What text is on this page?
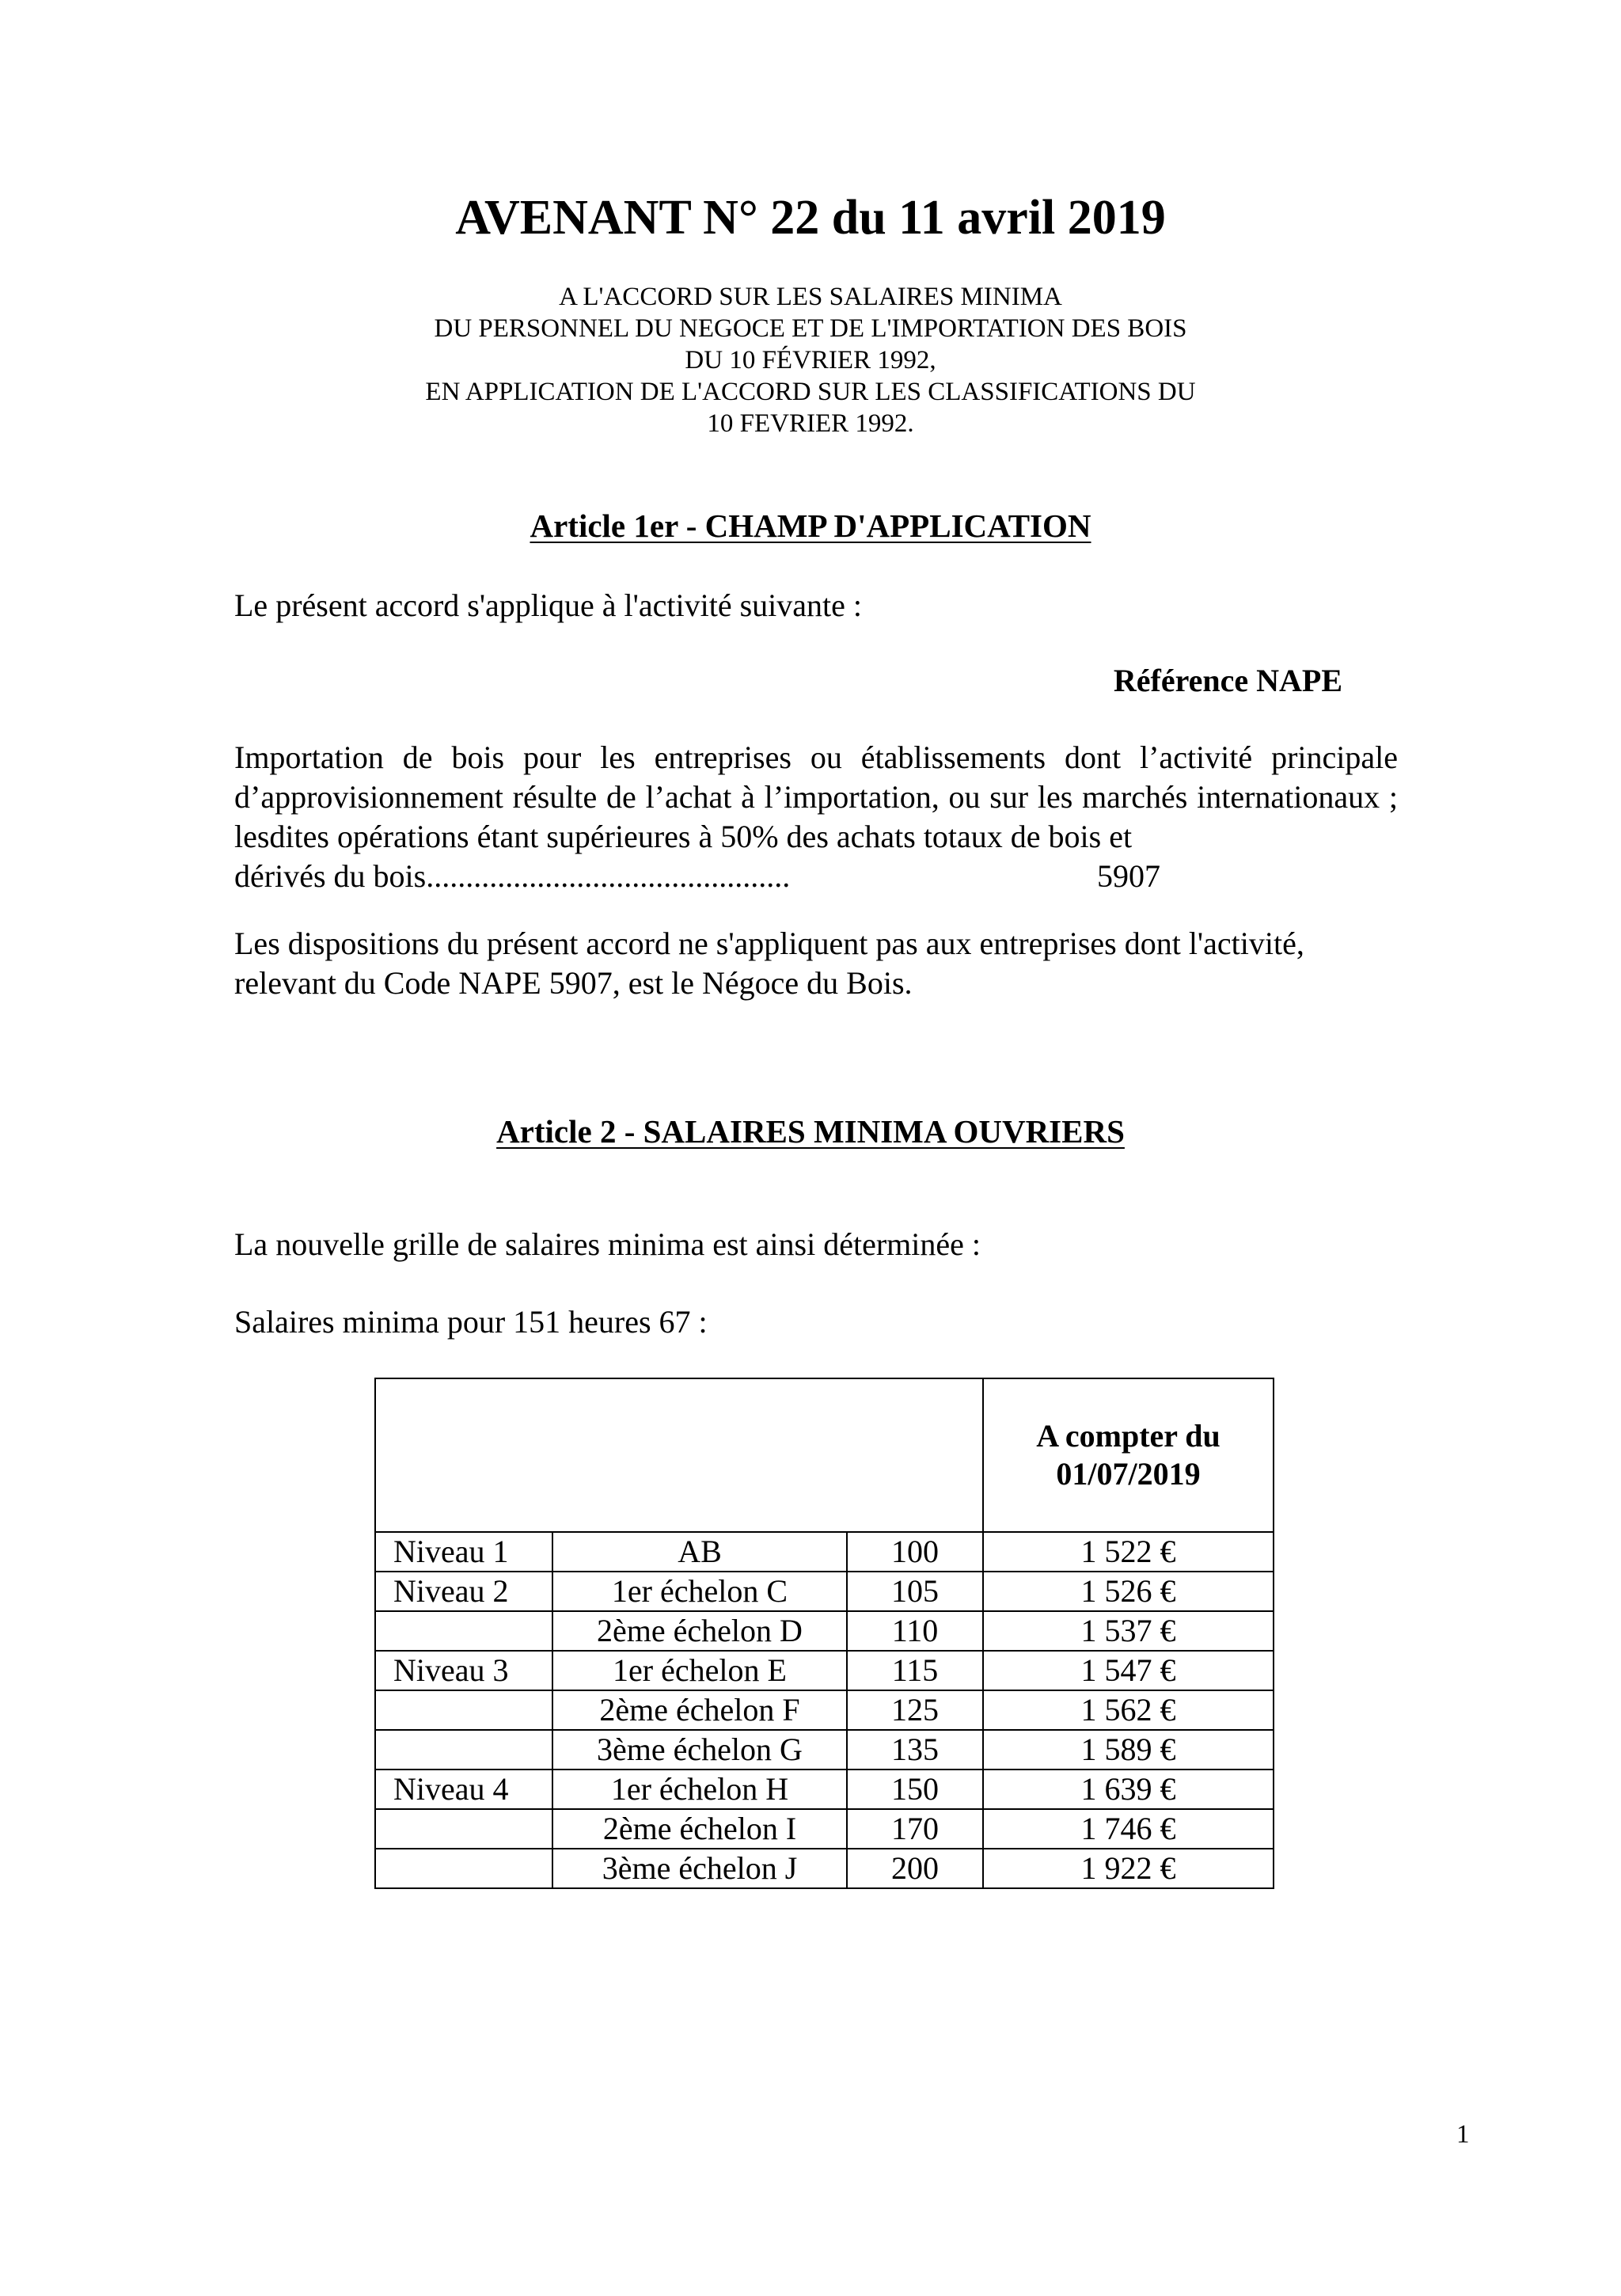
AVENANT N° 22 du 11 avril 2019
A L'ACCORD SUR LES SALAIRES MINIMA
DU PERSONNEL DU NEGOCE ET DE L'IMPORTATION DES BOIS
DU 10 FÉVRIER 1992,
EN APPLICATION DE L'ACCORD SUR LES CLASSIFICATIONS DU
10 FEVRIER 1992.
Article 1er - CHAMP D'APPLICATION
Le présent accord s'applique à l'activité suivante :
Référence NAPE
Importation de bois pour les entreprises ou établissements dont l’activité principale d’approvisionnement résulte de l’achat à l’importation, ou sur les marchés internationaux ; lesdites opérations étant supérieures à 50% des achats totaux de bois et
dérivés du bois..............................................	5907
Les dispositions du présent accord ne s'appliquent pas aux entreprises dont l'activité, relevant du Code NAPE 5907, est le Négoce du Bois.
Article 2 - SALAIRES MINIMA OUVRIERS
La nouvelle grille de salaires minima est ainsi déterminée :
Salaires minima pour 151 heures 67 :

			A compter du
01/07/2019

Niveau 1	AB	100	1 522 €
Niveau 2	1er échelon C	105	1 526 €
	2ème échelon D	110	1 537 €
Niveau 3	1er échelon E	115	1 547 €
	2ème échelon F	125	1 562 €
	3ème échelon G	135	1 589 €
Niveau 4	1er échelon H	150	1 639 €
	2ème échelon I	170	1 746 €
	3ème échelon J	200	1 922 €
1
